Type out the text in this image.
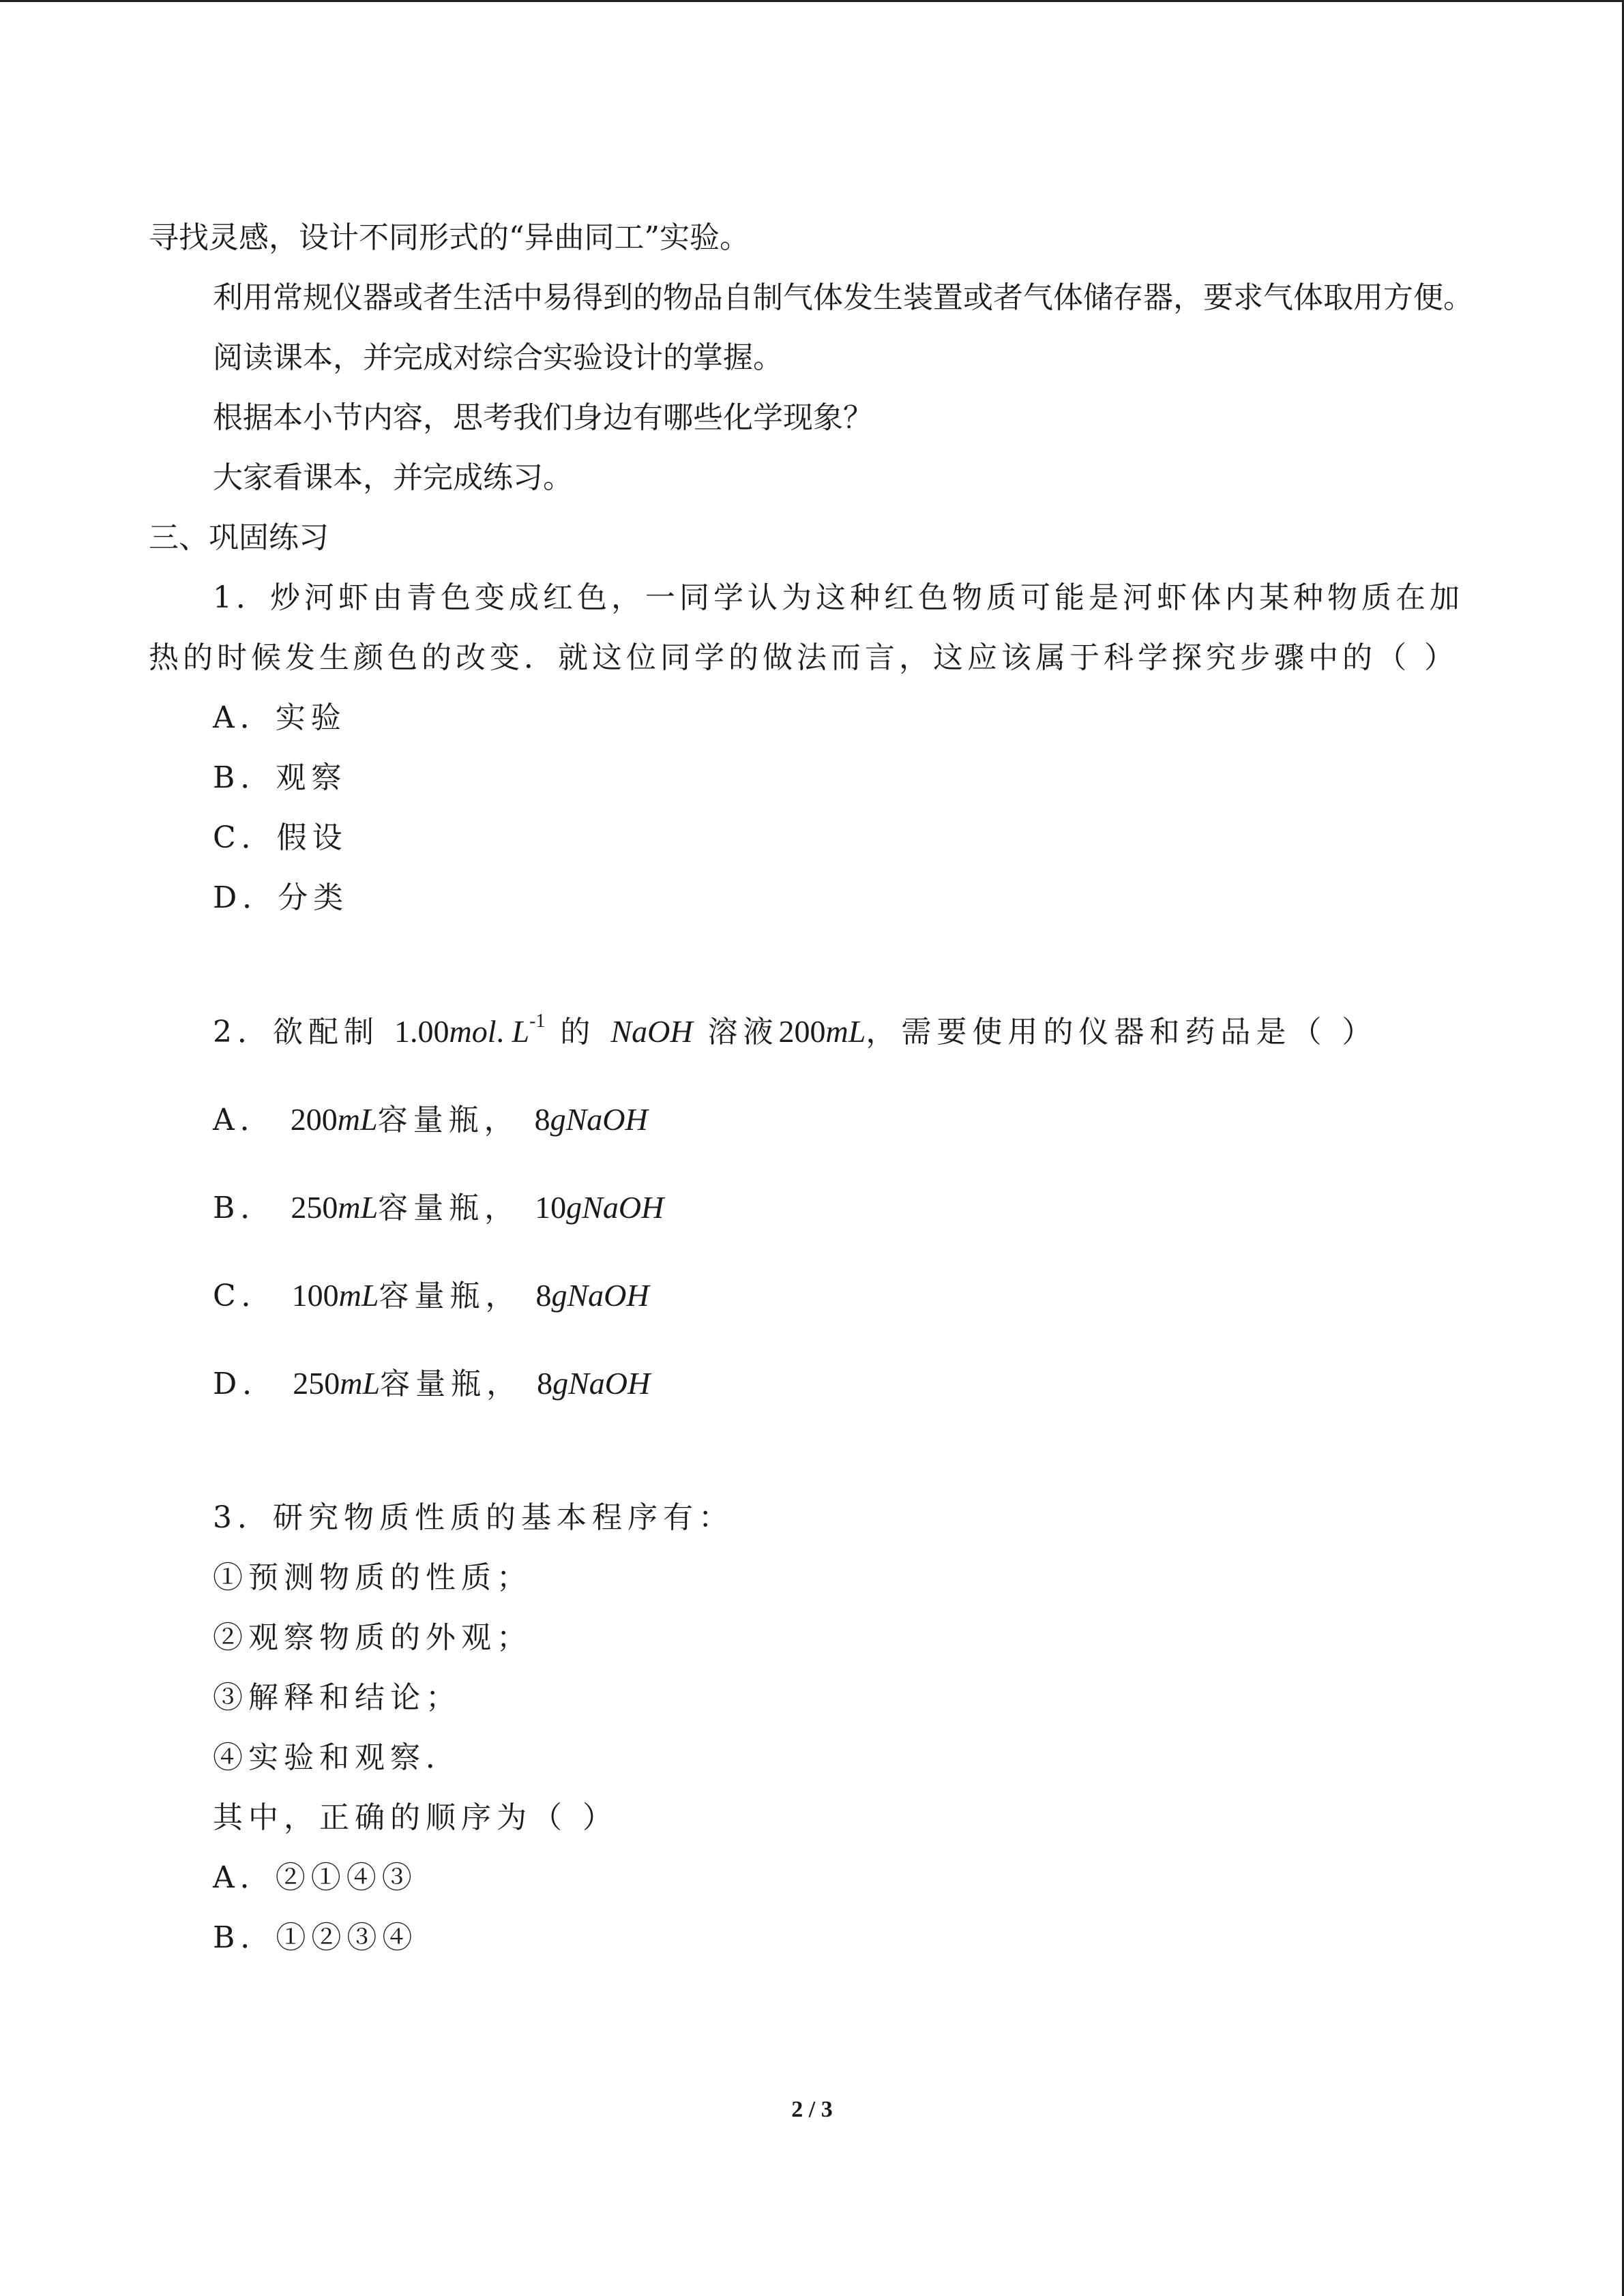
寻找灵感，设计不同形式的“异曲同工”实验。
利用常规仪器或者生活中易得到的物品自制气体发生装置或者气体储存器，要求气体取用方便。
阅读课本，并完成对综合实验设计的掌握。
根据本小节内容，思考我们身边有哪些化学现象？
大家看课本，并完成练习。
三、巩固练习
1．炒河虾由青色变成红色，一同学认为这种红色物质可能是河虾体内某种物质在加热的时候发生颜色的改变．就这位同学的做法而言，这应该属于科学探究步骤中的（ ）
A．实验
B．观察
C．假设
D．分类
2．欲配制 1.00mol. $L^{-1}$ 的 NaOH 溶液200mL，需要使用的仪器和药品是（ ）
A． 200mL容量瓶， 8gNaOH
B． 250mL容量瓶， 10gNaOH
C． 100mL容量瓶， 8gNaOH
D． 250mL容量瓶， 8gNaOH
3．研究物质性质的基本程序有：
①预测物质的性质；
②观察物质的外观；
③解释和结论；
④实验和观察．
其中，正确的顺序为（ ）
A．②①④③
B．①②③④
2 / 3
